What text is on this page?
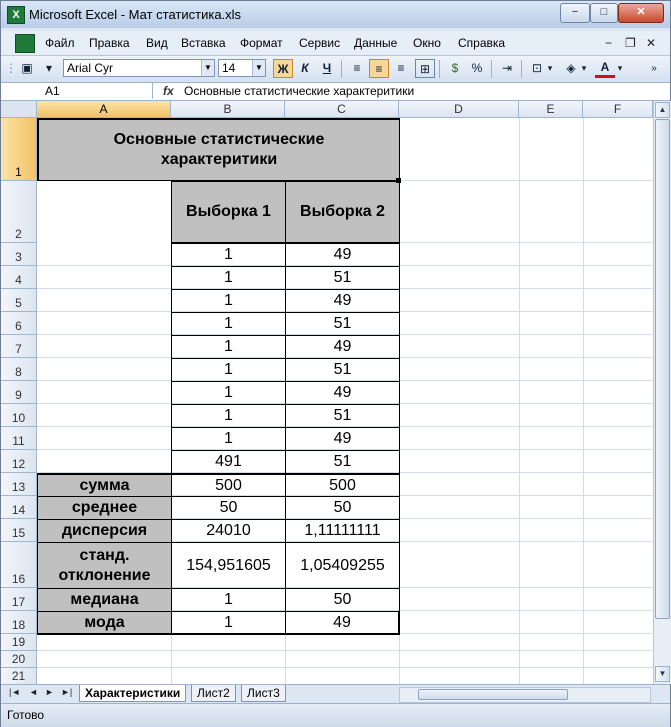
X Microsoft Excel - Мат статистика.xls	−	□	✕
Файл Правка Вид Вставка Формат Сервис Данные Окно Справка	− ❐ ✕
⋮ ▣	▾	Arial Cyr	▼ 14	▼	Ж	К	Ч	≡	≡	≡	⊞	$	%	⇥	⊡ ▾	◈ ▾	A ▾	»
A1	fx Основные статистические характеритики
A	B	C	D	E	F
1
2
3
4
5
6
7
8
9
10
11
12
13
14
15
16
17
18
19
20
21
Основные статистические характеритики
Выборка 1	Выборка 2
1	49
1	51
1	49
1	51
1	49
1	51
1	49
1	51
1	49
491	51
сумма	500	500
среднее	50	50
дисперсия	24010	1,11111111
станд. отклонение
154,951605	1,05409255
медиана	1	50
мода	1	49
▲
▼
|◄ ◄ ► ►|	Характеристики	Лист2	Лист3
Готово
